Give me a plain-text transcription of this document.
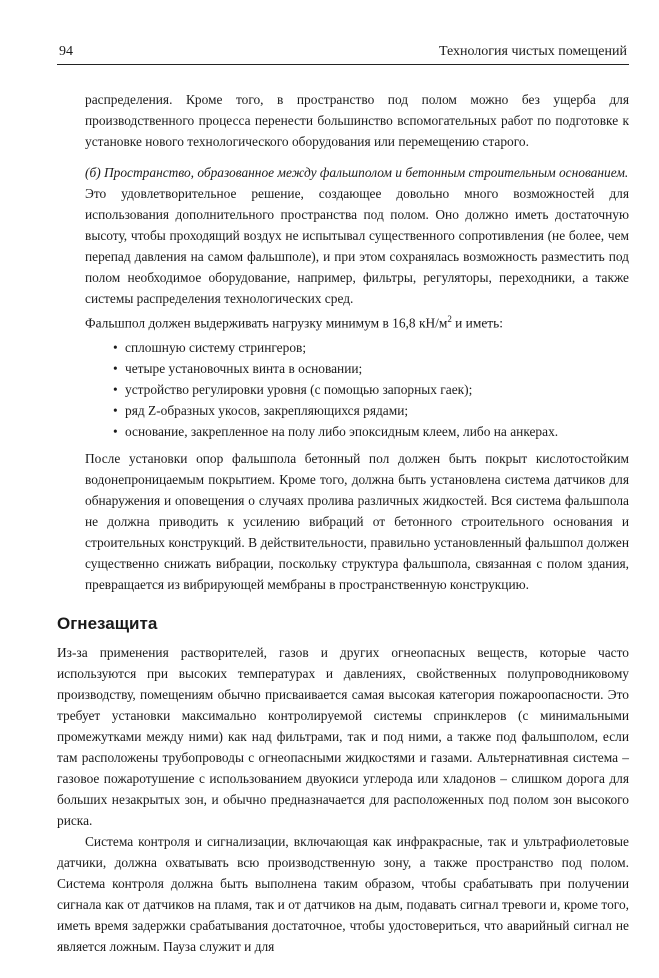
94	Технология чистых помещений

распределения. Кроме того, в пространство под полом можно без ущерба для производственного процесса перенести большинство вспомогательных работ по подготовке к установке нового технологического оборудования или перемещению старого.

(б) Пространство, образованное между фальшполом и бетонным строительным основанием.

Это удовлетворительное решение, создающее довольно много возможностей для использования дополнительного пространства под полом. Оно должно иметь достаточную высоту, чтобы проходящий воздух не испытывал существенного сопротивления (не более, чем перепад давления на самом фальшполе), и при этом сохранялась возможность разместить под полом необходимое оборудование, например, фильтры, регуляторы, переходники, а также системы распределения технологических сред.

Фальшпол должен выдерживать нагрузку минимум в 16,8 $кН/м^2$ и иметь:

• сплошную систему стрингеров;
• четыре установочных винта в основании;
• устройство регулировки уровня (с помощью запорных гаек);
• ряд Z-образных укосов, закрепляющихся рядами;
• основание, закрепленное на полу либо эпоксидным клеем, либо на анкерах.

После установки опор фальшпола бетонный пол должен быть покрыт кислотостойким водонепроницаемым покрытием. Кроме того, должна быть установлена система датчиков для обнаружения и оповещения о случаях пролива различных жидкостей. Вся система фальшпола не должна приводить к усилению вибраций от бетонного строительного основания и строительных конструкций. В действительности, правильно установленный фальшпол должен существенно снижать вибрации, поскольку структура фальшпола, связанная с полом здания, превращается из вибрирующей мембраны в пространственную конструкцию.

Огнезащита

Из-за применения растворителей, газов и других огнеопасных веществ, которые часто используются при высоких температурах и давлениях, свойственных полупроводниковому производству, помещениям обычно присваивается самая высокая категория пожароопасности. Это требует установки максимально контролируемой системы спринклеров (с минимальными промежутками между ними) как над фильтрами, так и под ними, а также под фальшполом, если там расположены трубопроводы с огнеопасными жидкостями и газами. Альтернативная система – газовое пожаротушение с использованием двуокиси углерода или хладонов – слишком дорога для больших незакрытых зон, и обычно предназначается для расположенных под полом зон высокого риска.

Система контроля и сигнализации, включающая как инфракрасные, так и ультрафиолетовые датчики, должна охватывать всю производственную зону, а также пространство под полом. Система контроля должна быть выполнена таким образом, чтобы срабатывать при получении сигнала как от датчиков на пламя, так и от датчиков на дым, подавать сигнал тревоги и, кроме того, иметь время задержки срабатывания достаточное, чтобы удостовериться, что аварийный сигнал не является ложным. Пауза служит и для
